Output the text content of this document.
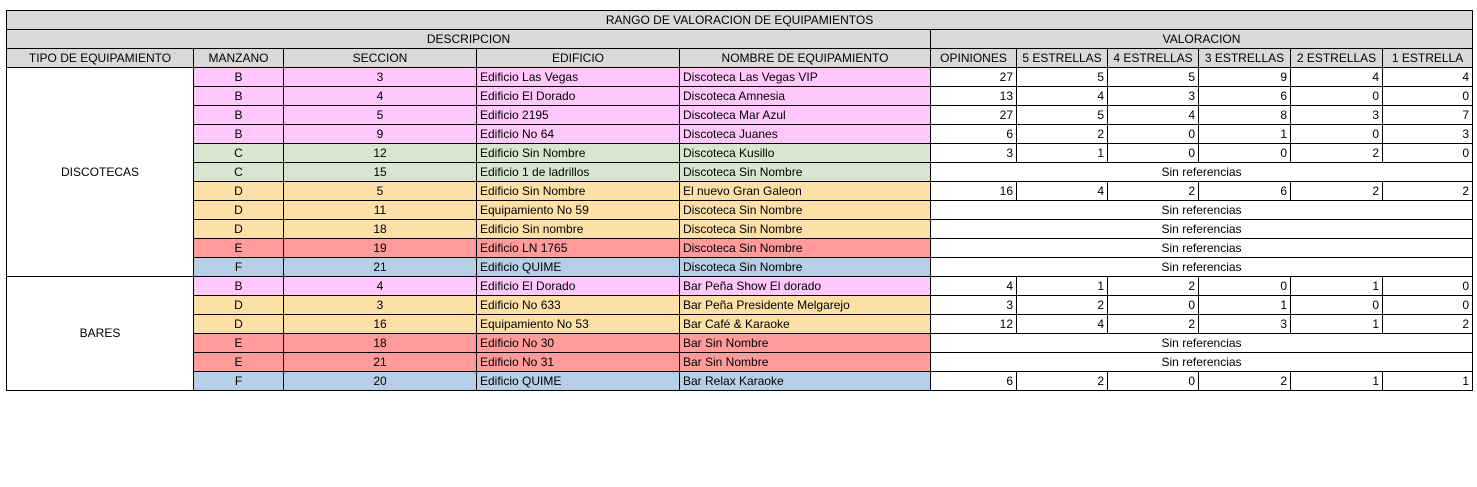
RANGO DE VALORACION DE EQUIPAMIENTOS										
DESCRIPCION					VALORACION					
TIPO DE EQUIPAMIENTO	MANZANO	SECCION	EDIFICIO	NOMBRE DE EQUIPAMIENTO	OPINIONES	5 ESTRELLAS	4 ESTRELLAS	3 ESTRELLAS	2 ESTRELLAS	1 ESTRELLA
DISCOTECAS	B	3	Edificio Las Vegas	Discoteca Las Vegas VIP	27	5	5	9	4	4
	B	4	Edificio El Dorado	Discoteca Amnesia	13	4	3	6	0	0
	B	5	Edificio 2195	Discoteca Mar Azul	27	5	4	8	3	7
	B	9	Edificio No 64	Discoteca Juanes	6	2	0	1	0	3
	C	12	Edificio Sin Nombre	Discoteca Kusillo	3	1	0	0	2	0
	C	15	Edificio 1 de ladrillos	Discoteca Sin Nombre	Sin referencias					
	D	5	Edificio Sin Nombre	El nuevo Gran Galeon	16	4	2	6	2	2
	D	11	Equipamiento No 59	Discoteca Sin Nombre	Sin referencias					
	D	18	Edificio Sin nombre	Discoteca Sin Nombre	Sin referencias					
	E	19	Edificio LN 1765	Discoteca Sin Nombre	Sin referencias					
	F	21	Edificio QUIME	Discoteca Sin Nombre	Sin referencias					
BARES	B	4	Edificio El Dorado	Bar Peña Show El dorado	4	1	2	0	1	0
	D	3	Edificio No 633	Bar Peña Presidente Melgarejo	3	2	0	1	0	0
	D	16	Equipamiento No 53	Bar Café & Karaoke	12	4	2	3	1	2
	E	18	Edificio No 30	Bar Sin Nombre	Sin referencias					
	E	21	Edificio No 31	Bar Sin Nombre	Sin referencias					
	F	20	Edificio QUIME	Bar Relax Karaoke	6	2	0	2	1	1
